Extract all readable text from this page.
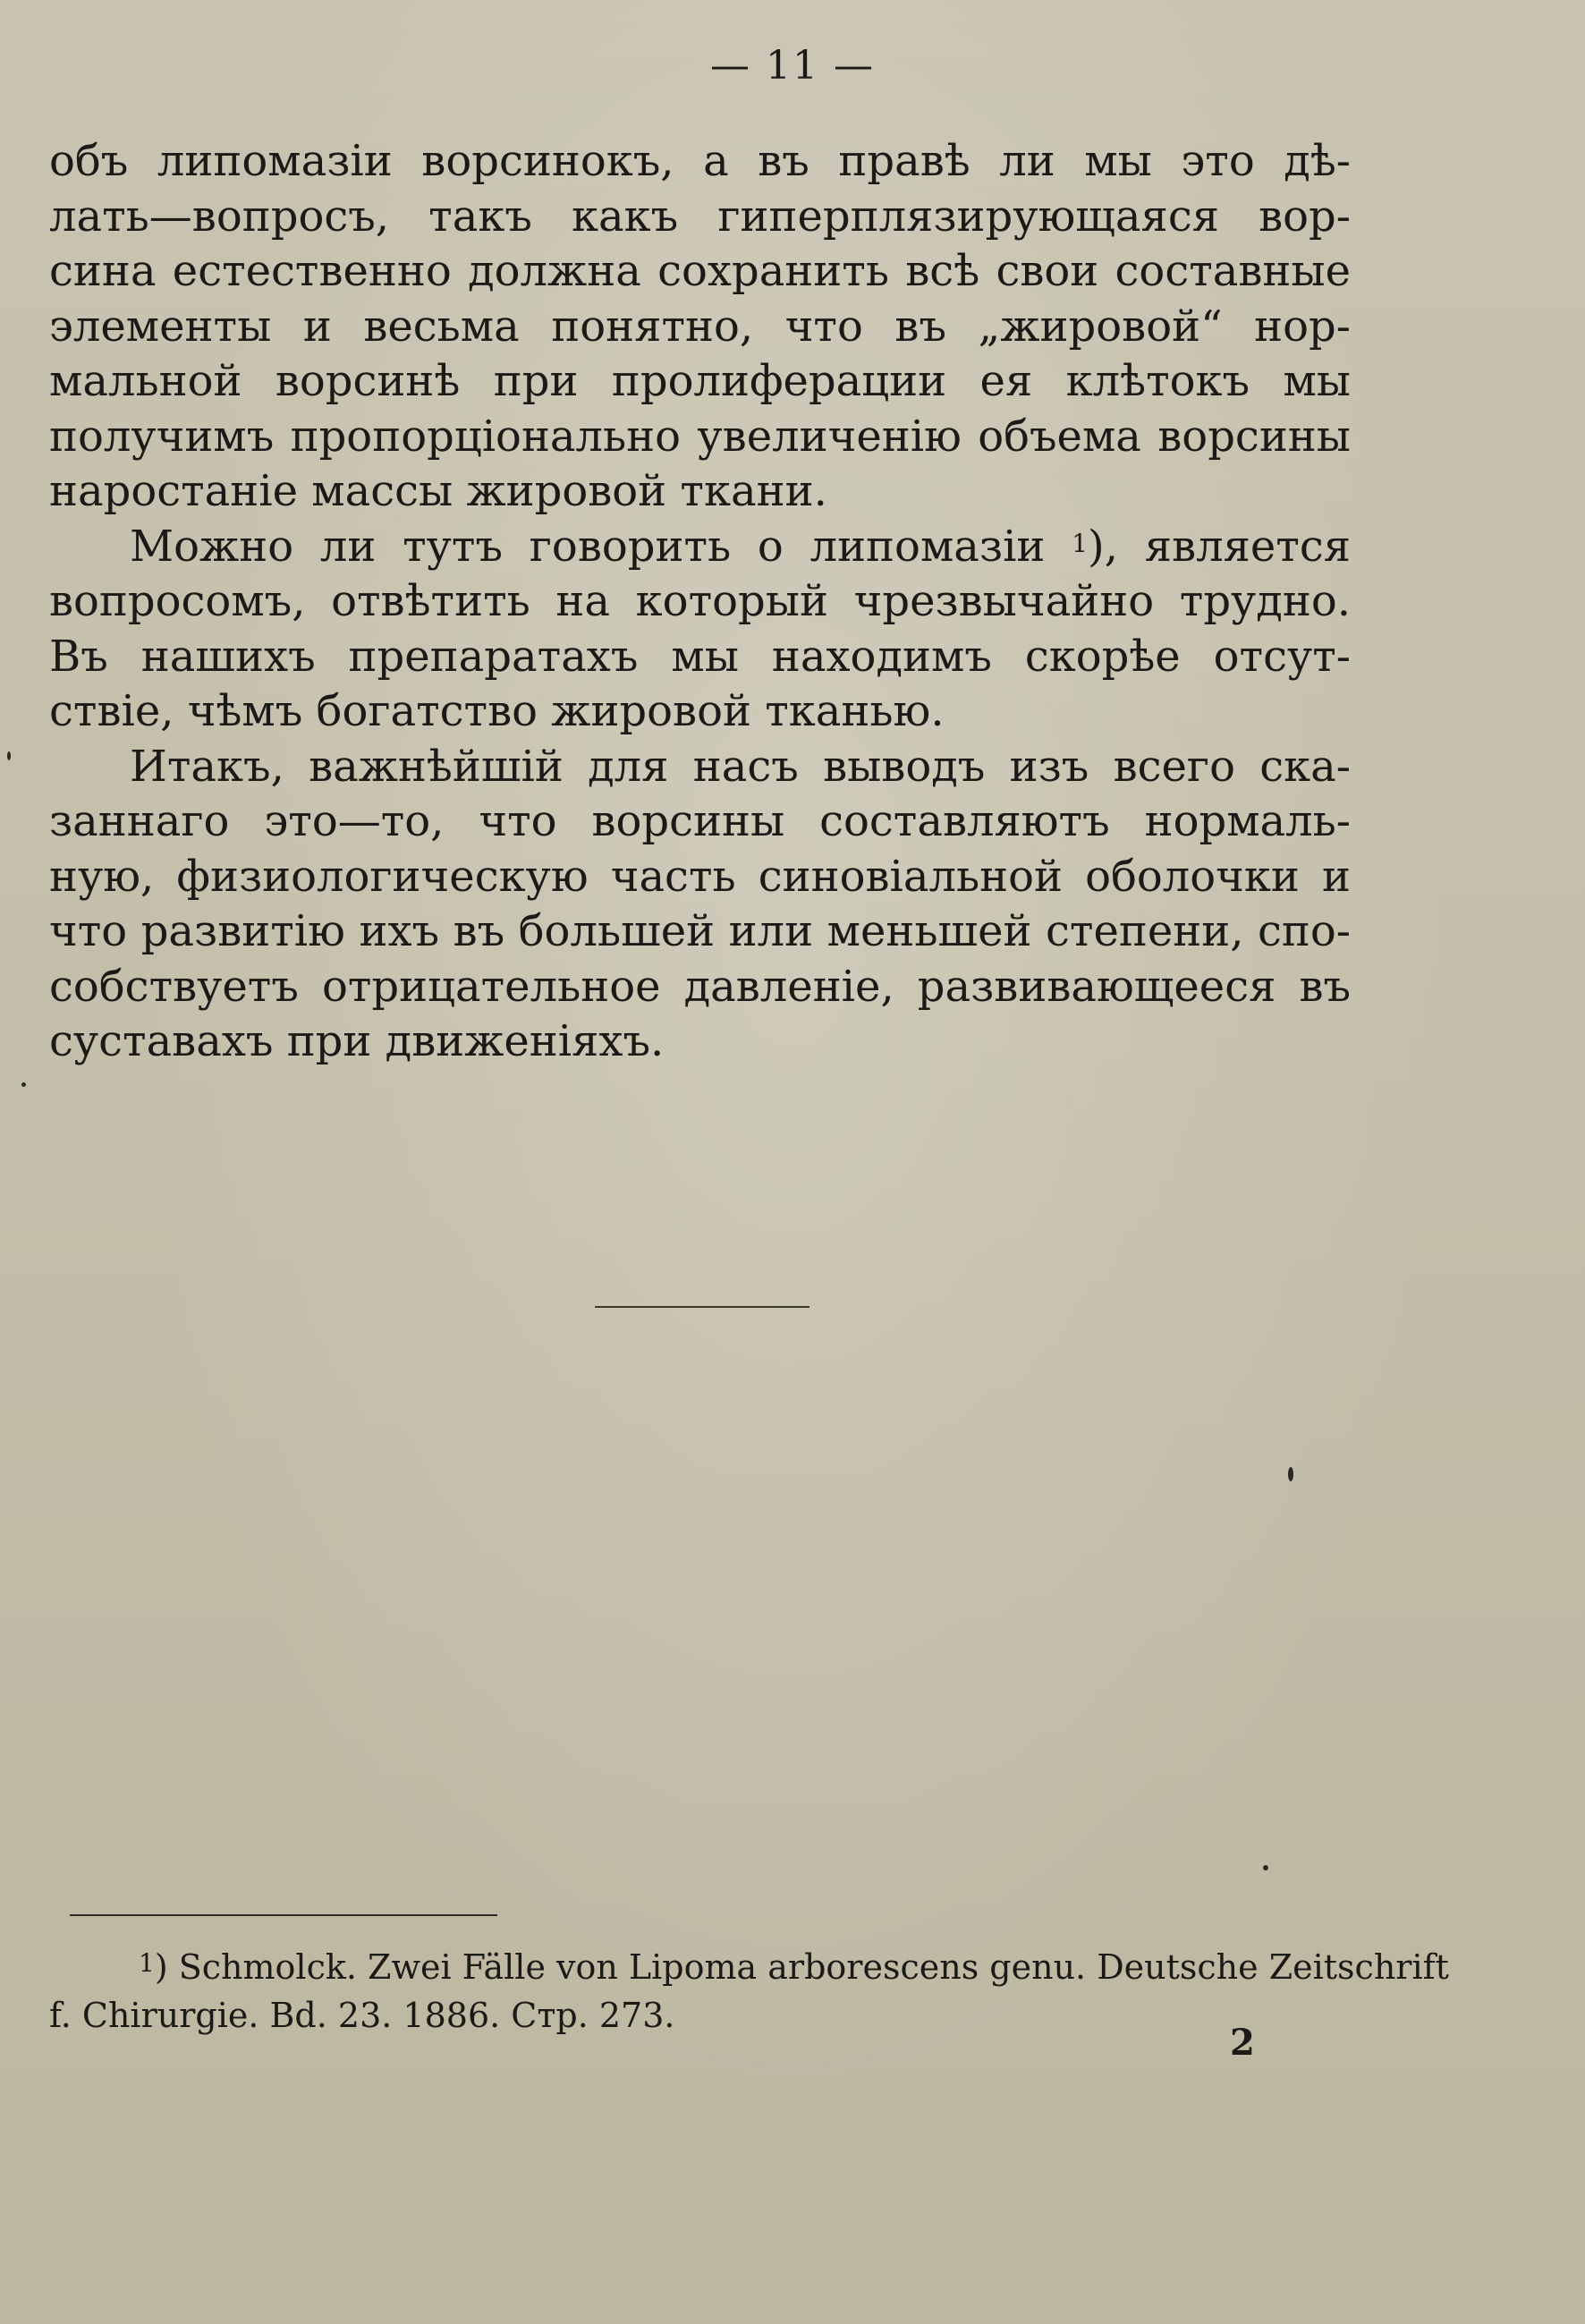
— 11 —
объ липомазіи ворсинокъ, а въ правѣ ли мы это дѣ-
лать—вопросъ, такъ какъ гиперплязирующаяся вор-
сина естественно должна сохранить всѣ свои составные
элементы и весьма понятно, что въ „жировой“ нор-
мальной ворсинѣ при пролиферации ея клѣтокъ мы
получимъ пропорціонально увеличенію объема ворсины
наростаніе массы жировой ткани.
Можно ли тутъ говорить о липомазіи $^1$), является
вопросомъ, отвѣтить на который чрезвычайно трудно.
Въ нашихъ препаратахъ мы находимъ скорѣе отсут-
ствіе, чѣмъ богатство жировой тканью.
Итакъ, важнѣйшій для насъ выводъ изъ всего ска-
заннаго это—то, что ворсины составляютъ нормаль-
ную, физиологическую часть синовіальной оболочки и
что развитію ихъ въ большей или меньшей степени, спо-
собствуетъ отрицательное давленіе, развивающееся въ
суставахъ при движеніяхъ.
$^1$) Schmolck. Zwei Fälle von Lipoma arborescens genu. Deutsche Zeitschrift
f. Chirurgie. Bd. 23. 1886. Стр. 273.
2
